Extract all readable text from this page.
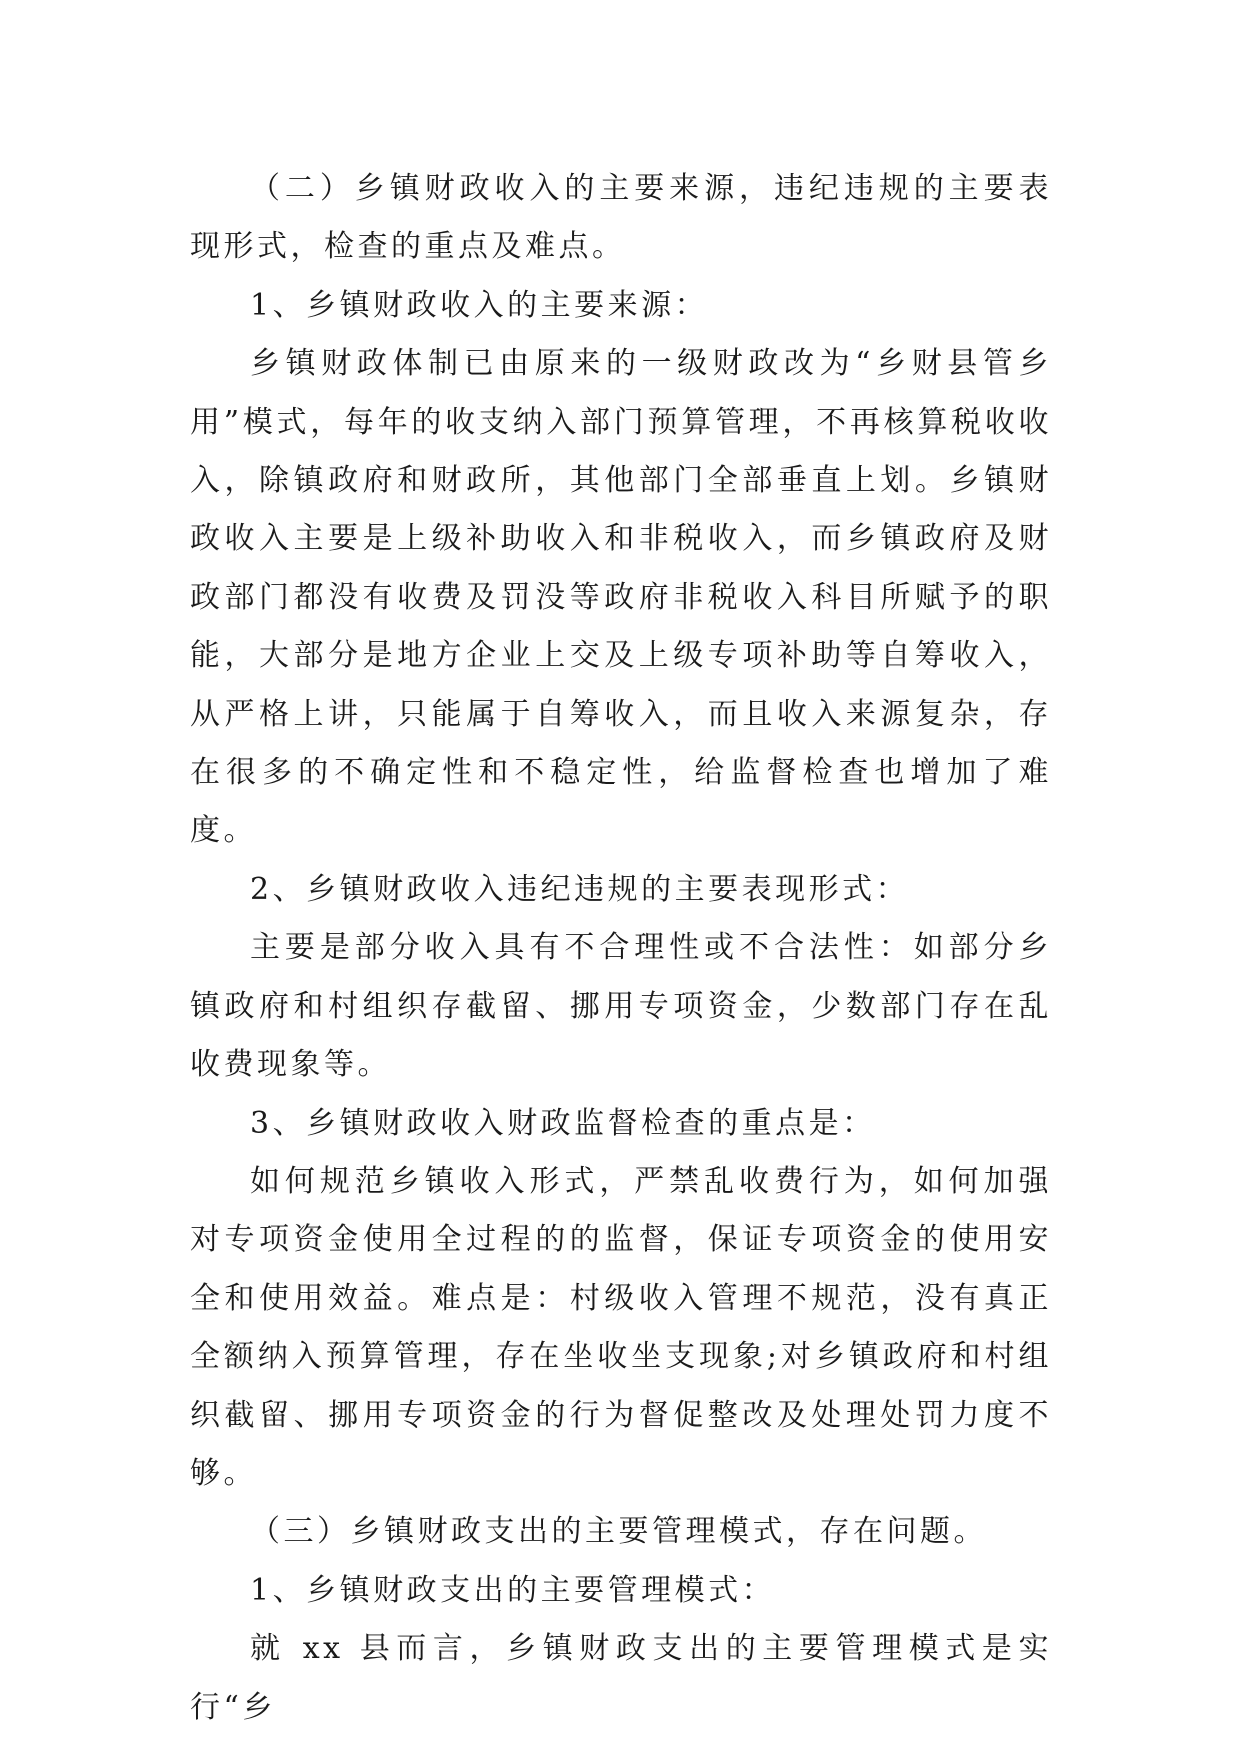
（二）乡镇财政收入的主要来源，违纪违规的主要表现形式，检查的重点及难点。

1、乡镇财政收入的主要来源：

乡镇财政体制已由原来的一级财政改为“乡财县管乡用”模式，每年的收支纳入部门预算管理，不再核算税收收入，除镇政府和财政所，其他部门全部垂直上划。乡镇财政收入主要是上级补助收入和非税收入，而乡镇政府及财政部门都没有收费及罚没等政府非税收入科目所赋予的职能，大部分是地方企业上交及上级专项补助等自筹收入，从严格上讲，只能属于自筹收入，而且收入来源复杂，存在很多的不确定性和不稳定性，给监督检查也增加了难度。

2、乡镇财政收入违纪违规的主要表现形式：

主要是部分收入具有不合理性或不合法性：如部分乡镇政府和村组织存截留、挪用专项资金，少数部门存在乱收费现象等。

3、乡镇财政收入财政监督检查的重点是：

如何规范乡镇收入形式，严禁乱收费行为，如何加强对专项资金使用全过程的的监督，保证专项资金的使用安全和使用效益。难点是：村级收入管理不规范，没有真正全额纳入预算管理，存在坐收坐支现象;对乡镇政府和村组织截留、挪用专项资金的行为督促整改及处理处罚力度不够。

（三）乡镇财政支出的主要管理模式，存在问题。

1、乡镇财政支出的主要管理模式：

就 xx 县而言，乡镇财政支出的主要管理模式是实行“乡
